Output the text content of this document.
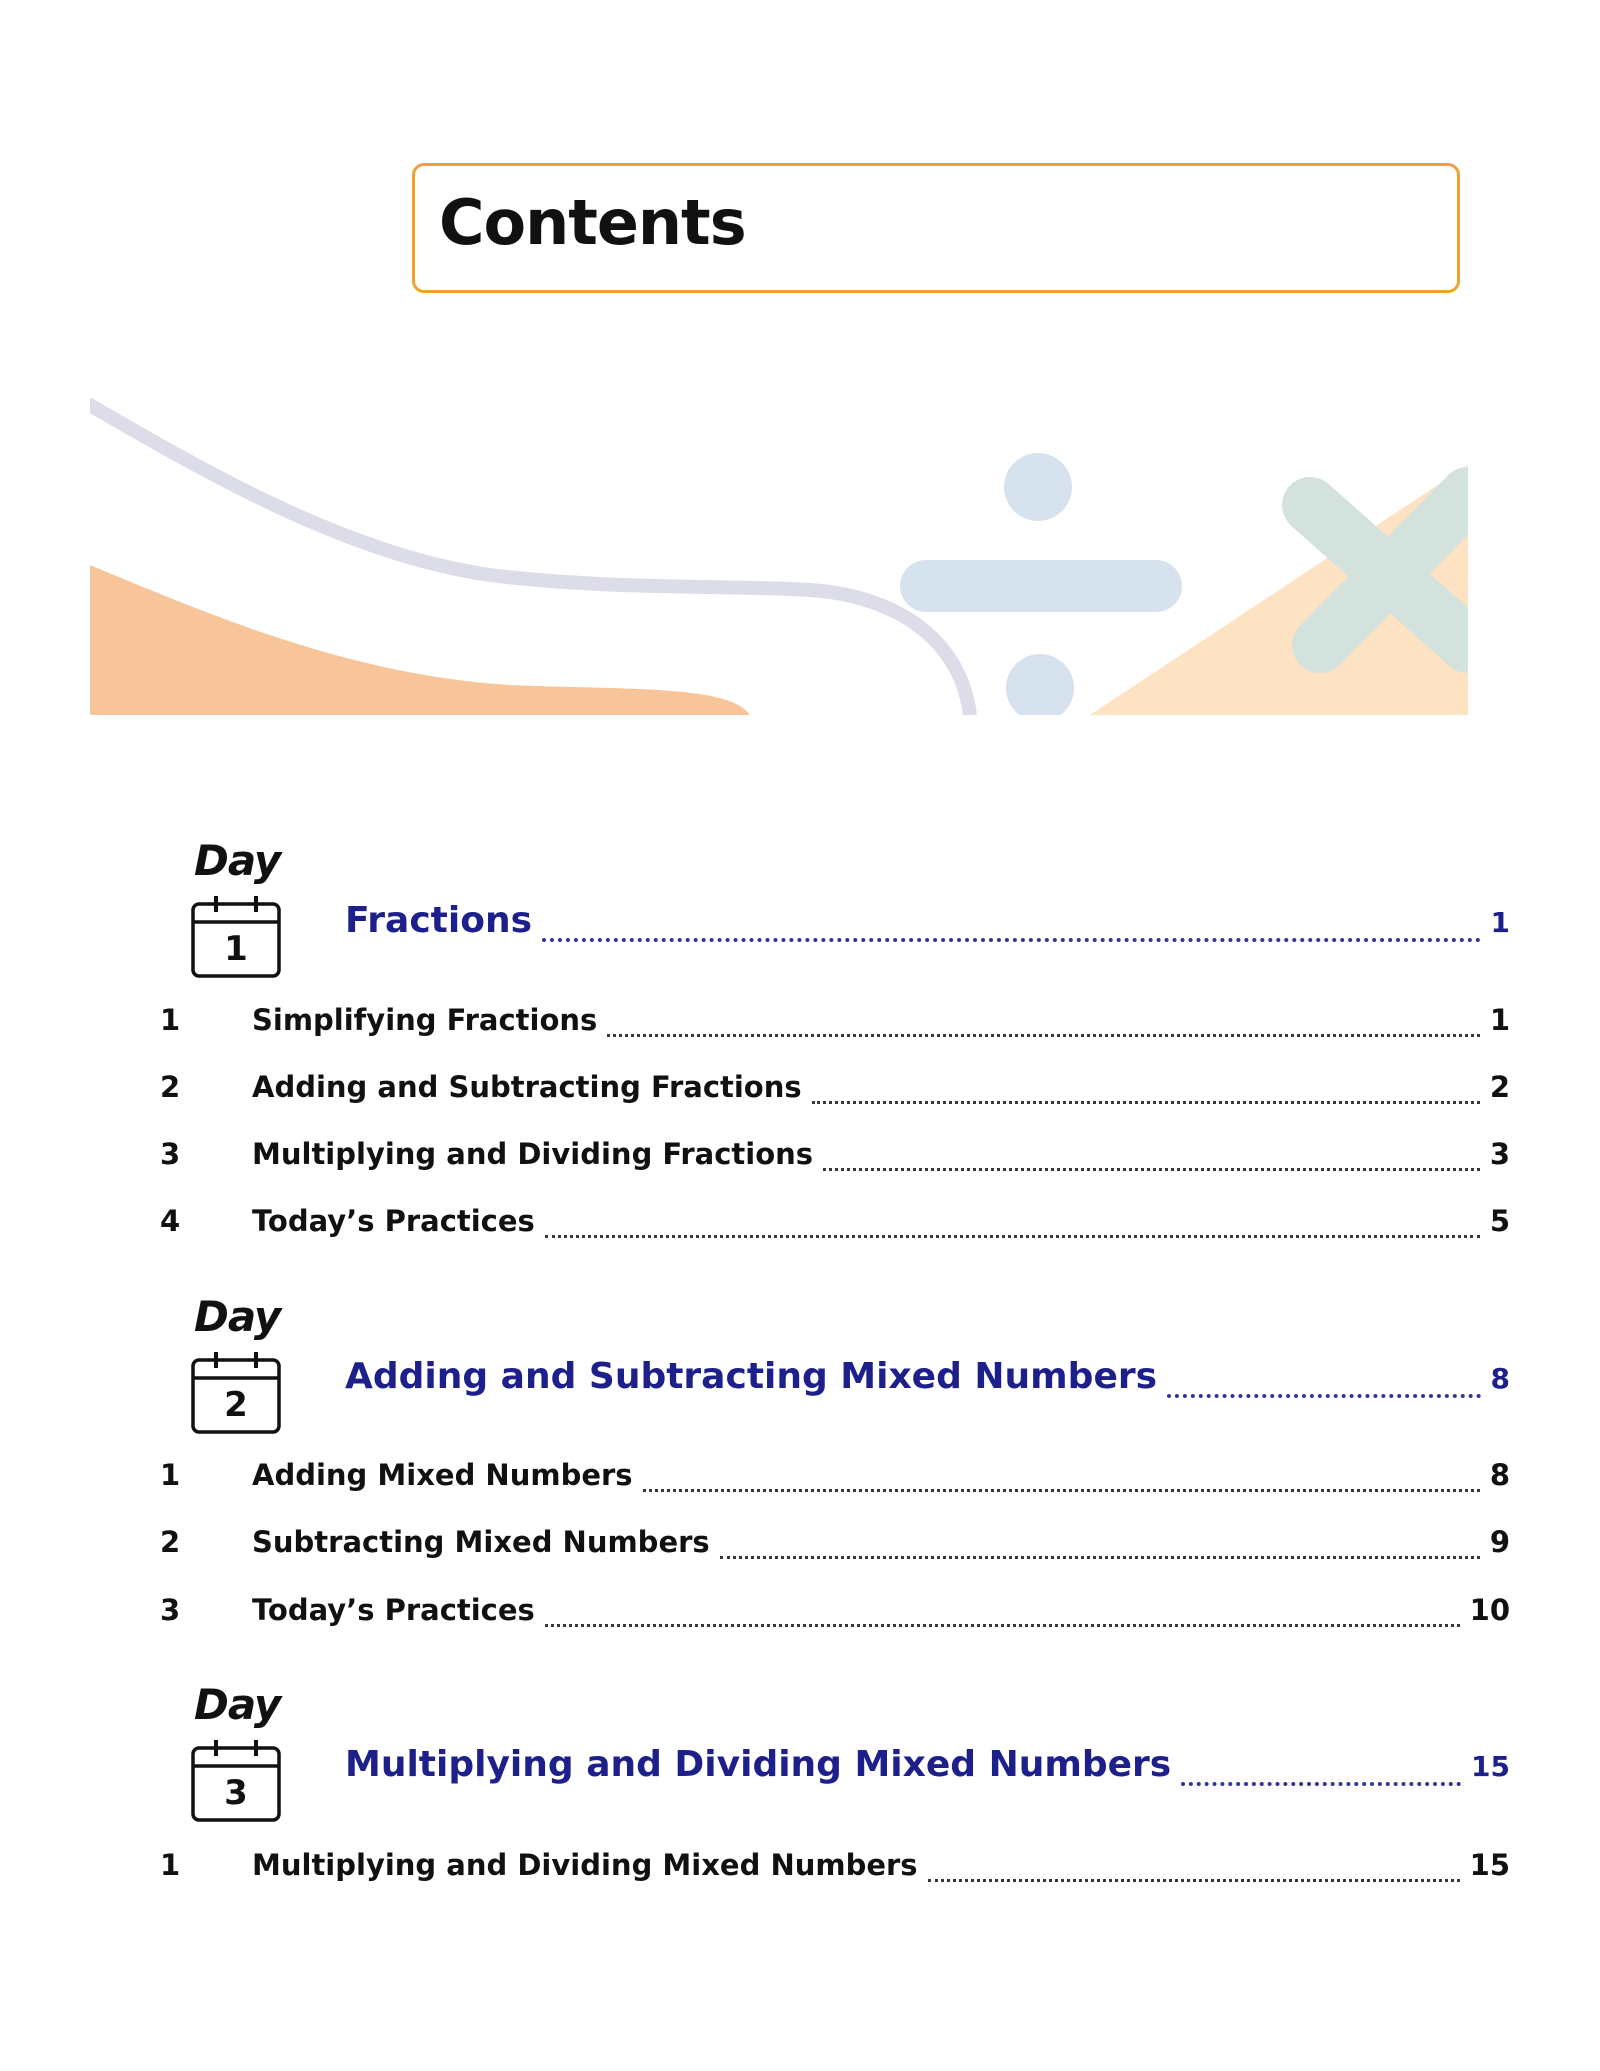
Contents
Day
1
Fractions	1
1	Simplifying Fractions	1
2	Adding and Subtracting Fractions	2
3	Multiplying and Dividing Fractions	3
4	Today’s Practices	5
Day
2
Adding and Subtracting Mixed Numbers	8
1	Adding Mixed Numbers	8
2	Subtracting Mixed Numbers	9
3	Today’s Practices	10
Day
3
Multiplying and Dividing Mixed Numbers	15
1	Multiplying and Dividing Mixed Numbers	15
